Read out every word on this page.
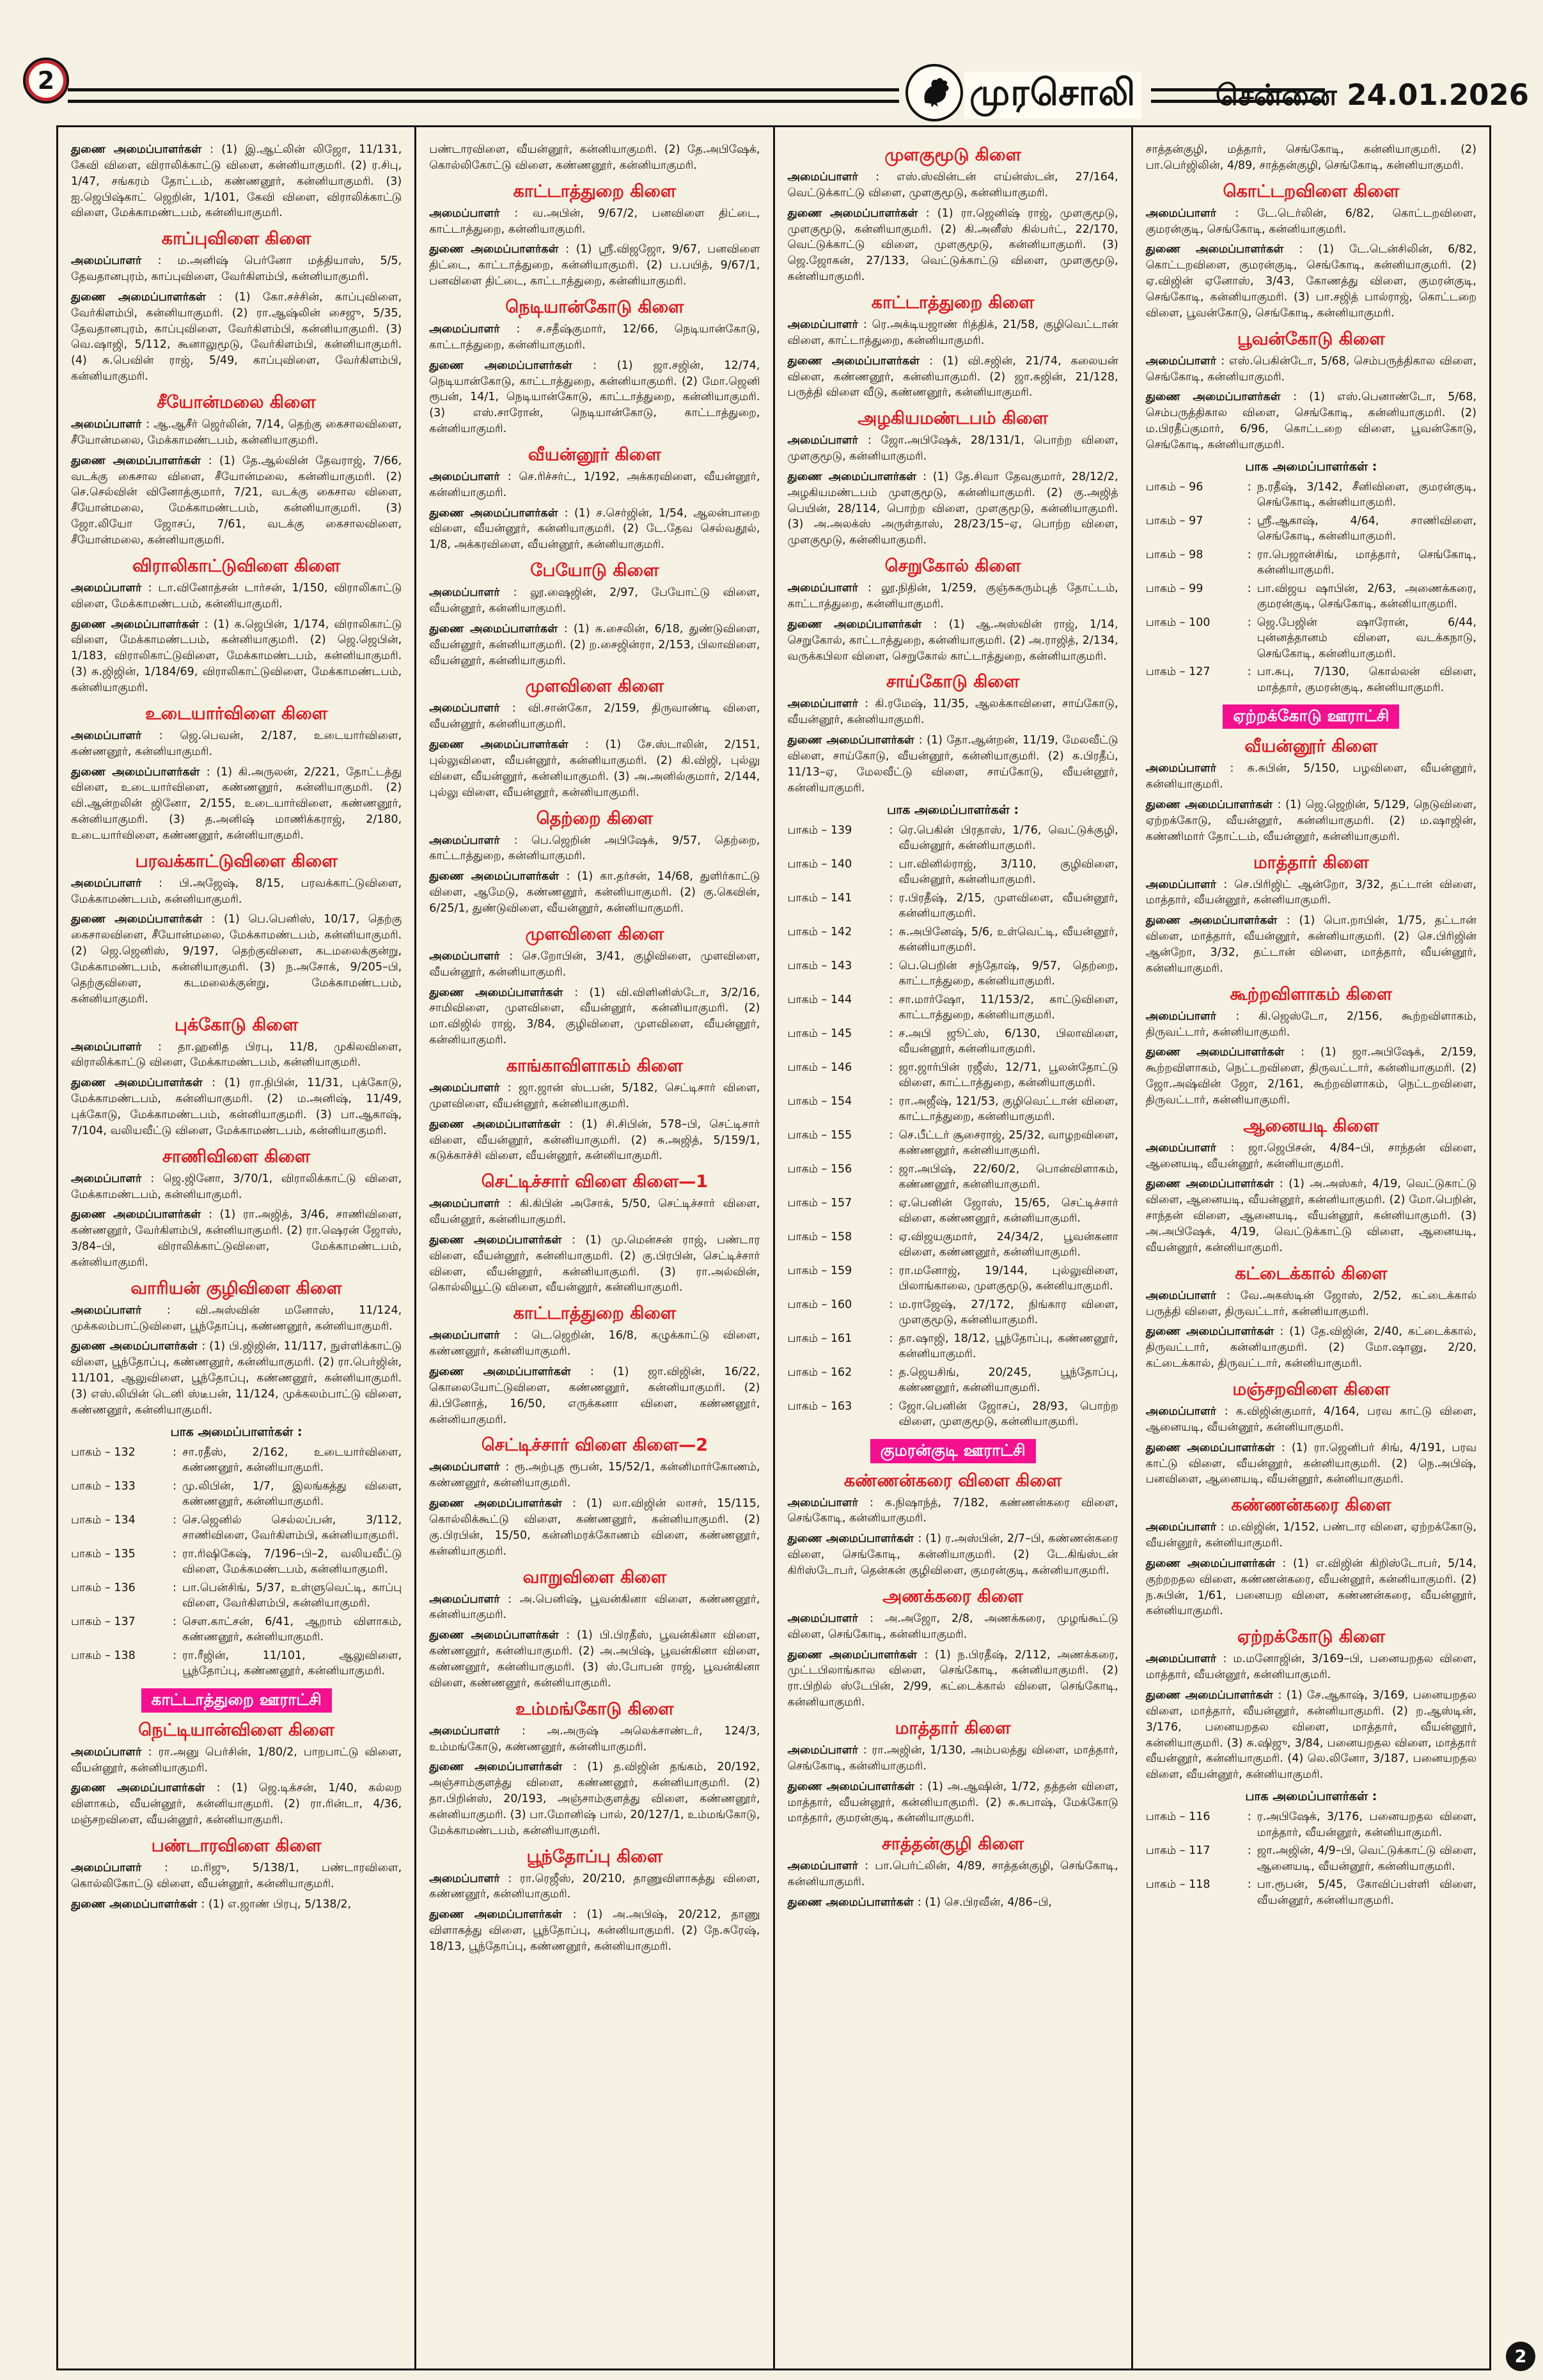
2	முரசொலி	சென்னை 24.01.2026

துணை அமைப்பாளர்கள் : (1) இ.ஆட்லின் லிஜோ, 11/131, கேவி விளை, விராலிக்காட்டு விளை, கன்னியாகுமரி. (2) ர.சிபு, 1/47, சங்கரம் தோட்டம், கண்ணனூர், கன்னியாகுமரி. (3) ஐ.ஜெபிஷ்காட் ஜெறின், 1/101, கேவி விளை, விராலிக்காட்டு விளை, மேக்காமண்டபம், கன்னியாகுமரி.

காப்புவிளை கிளை

அமைப்பாளர் : ம.அனிஷ் பெர்னோ மத்தியாஸ், 5/5, தேவதானபுரம், காப்புவிளை, வேர்கிளம்பி, கன்னியாகுமரி.

துணை அமைப்பாளர்கள் : (1) கோ.சச்சின், காப்புவிளை, வேர்கிளம்பி, கன்னியாகுமரி. (2) ரா.ஆஷ்லின் சைஜு, 5/35, தேவதானபுரம், காப்புவிளை, வேர்கிளம்பி, கன்னியாகுமரி. (3) வெ.ஷாஜி, 5/112, கூனாலுமூடு, வேர்கிளம்பி, கன்னியாகுமரி. (4) சு.பெவின் ராஜ், 5/49, காப்புவிளை, வேர்கிளம்பி, கன்னியாகுமரி.

சீயோன்மலை கிளை

அமைப்பாளர் : ஆ.ஆசீர் ஜெர்லின், 7/14, தெற்கு கைசாலவிளை, சீயோன்மலை, மேக்காமண்டபம், கன்னியாகுமரி.

துணை அமைப்பாளர்கள் : (1) தே.ஆல்வின் தேவராஜ், 7/66, வடக்கு கைசால விளை, சீயோன்மலை, கன்னியாகுமரி. (2) செ.செல்வின் வினோத்குமார், 7/21, வடக்கு கைசால விளை, சீயோன்மலை, மேக்காமண்டபம், கன்னியாகுமரி. (3) ஜோ.லியோ ஜோசப், 7/61, வடக்கு கைசாலவிளை, சீயோன்மலை, கன்னியாகுமரி.

விராலிகாட்டுவிளை கிளை

அமைப்பாளர் : டா.வினோத்சன் டார்சன், 1/150, விராலிகாட்டு விளை, மேக்காமண்டபம், கன்னியாகுமரி.

துணை அமைப்பாளர்கள் : (1) க.ஜெபின், 1/174, விராலிகாட்டு விளை, மேக்காமண்டபம், கன்னியாகுமரி. (2) ஜெ.ஜெபின், 1/183, விராலிகாட்டுவிளை, மேக்காமண்டபம், கன்னியாகுமரி. (3) சு.ஜிஜின், 1/184/69, விராலிகாட்டுவிளை, மேக்காமண்டபம், கன்னியாகுமரி.

உடையார்விளை கிளை

அமைப்பாளர் : ஜெ.பெவன், 2/187, உடையார்விளை, கண்ணனூர், கன்னியாகுமரி.

துணை அமைப்பாளர்கள் : (1) கி.அருலன், 2/221, தோட்டத்து விளை, உடையார்விளை, கண்ணனூர், கன்னியாகுமரி. (2) வி.ஆன்றலின் ஜினோ, 2/155, உடையார்விளை, கண்ணனூர், கன்னியாகுமரி. (3) த.அனிஷ் மாணிக்கராஜ், 2/180, உடையார்விளை, கண்ணனூர், கன்னியாகுமரி.

பரவக்காட்டுவிளை கிளை

அமைப்பாளர் : பி.அஜேஷ், 8/15, பரவக்காட்டுவிளை, மேக்காமண்டபம், கன்னியாகுமரி.

துணை அமைப்பாளர்கள் : (1) பெ.பெனிஸ், 10/17, தெற்கு கைசாலவிளை, சீயோன்மலை, மேக்காமண்டபம், கன்னியாகுமரி. (2) ஜெ.ஜெனிஸ், 9/197, தெற்குவிளை, கடமலைக்குன்று, மேக்காமண்டபம், கன்னியாகுமரி. (3) ந.அசோக், 9/205–பி, தெற்குவிளை, கடமலைக்குன்று, மேக்காமண்டபம், கன்னியாகுமரி.

புக்கோடு கிளை

அமைப்பாளர் : தா.ஹனித பிரபு, 11/8, முகிலவிளை, விராலிக்காட்டு விளை, மேக்காமண்டபம், கன்னியாகுமரி.

துணை அமைப்பாளர்கள் : (1) ரா.நிபின், 11/31, புக்கோடு, மேக்காமண்டபம், கன்னியாகுமரி. (2) ம.அனிஷ், 11/49, புக்கோடு, மேக்காமண்டபம், கன்னியாகுமரி. (3) பா.ஆகாஷ், 7/104, வலியவீட்டு விளை, மேக்காமண்டபம், கன்னியாகுமரி.

சாணிவிளை கிளை

அமைப்பாளர் : ஜெ.ஜினோ, 3/70/1, விராலிக்காட்டு விளை, மேக்காமண்டபம், கன்னியாகுமரி.

துணை அமைப்பாளர்கள் : (1) ரா.அஜித், 3/46, சாணிவிளை, கண்ணனூர், வேர்கிளம்பி, கன்னியாகுமரி. (2) ரா.ஷெரன் ஜோஸ், 3/84–பி, விராலிக்காட்டுவிளை, மேக்காமண்டபம், கன்னியாகுமரி.

வாரியன் குழிவிளை கிளை

அமைப்பாளர் : வி.அஸ்வின் மனோஸ், 11/124, முக்கலம்பாட்டுவிளை, பூந்தோப்பு, கண்ணனூர், கன்னியாகுமரி.

துணை அமைப்பாளர்கள் : (1) பி.ஜிஜின், 11/117, நுள்ளிக்காட்டு விளை, பூந்தோப்பு, கண்ணனூர், கன்னியாகுமரி. (2) ரா.பெர்ஜின், 11/101, ஆலுவிளை, பூந்தோப்பு, கண்ணனூர், கன்னியாகுமரி. (3) எஸ்.லியின் டெனி ஸ்டீபன், 11/124, முக்கலம்பாட்டு விளை, கண்ணனூர், கன்னியாகுமரி.

பாக அமைப்பாளர்கள் :
பாகம் – 132	: சா.ரதீஸ், 2/162, உடையார்விளை, கண்ணனூர், கன்னியாகுமரி.
பாகம் – 133	: மு.லிபின், 1/7, இலங்கத்து விளை, கண்ணனூர், கன்னியாகுமரி.
பாகம் – 134	: செ.ஜெனில் செல்லப்பன், 3/112, சாணிவிளை, வேர்கிளம்பி, கன்னியாகுமரி.
பாகம் – 135	: ரா.ரிஷிகேஷ், 7/196–பி–2, வலியவீட்டு விளை, மேக்கமண்டபம், கன்னியாகுமரி.
பாகம் – 136	: பா.பென்சிங், 5/37, உள்ளுவெட்டி, காப்பு விளை, வேர்கிளம்பி, கன்னியாகுமரி.
பாகம் – 137	: செள.காட்சன், 6/41, ஆறாம் விளாகம், கண்ணனூர், கன்னியாகுமரி.
பாகம் – 138	: ரா.ரீஜின், 11/101, ஆலுவிளை, பூந்தோப்பு, கண்ணனூர், கன்னியாகுமரி.
காட்டாத்துறை ஊராட்சி
நெட்டியான்விளை கிளை

அமைப்பாளர் : ரா.அனு பெர்சின், 1/80/2, பாறபாட்டு விளை, வீயன்னூர், கன்னியாகுமரி.

துணை அமைப்பாளர்கள் : (1) ஜெ.டிக்சன், 1/40, கல்லற விளாகம், வீயன்னூர், கன்னியாகுமரி. (2) ரா.ரின்டா, 4/36, மஞ்சறவிளை, வீயன்னூர், கன்னியாகுமரி.

பண்டாரவிளை கிளை

அமைப்பாளர் : ம.ரிஜு, 5/138/1, பண்டாரவிளை, கொல்லிகோட்டு விளை, வீயன்னூர், கன்னியாகுமரி.

துணை அமைப்பாளர்கள் : (1) எ.ஜாண் பிரபு, 5/138/2,

பண்டாரவிளை, வீயன்னூர், கன்னியாகுமரி. (2) தே.அபிஷேக், கொல்லிகோட்டு விளை, கண்ணனூர், கன்னியாகுமரி.

காட்டாத்துறை கிளை

அமைப்பாளர் : வ.அபின், 9/67/2, பனவிளை திட்டை, காட்டாத்துறை, கன்னியாகுமரி.

துணை அமைப்பாளர்கள் : (1) ஸ்ரீ.விஜஜோ, 9/67, பனவிளை திட்டை, காட்டாத்துறை, கன்னியாகுமரி. (2) ப.பயித், 9/67/1, பனவிளை திட்டை, காட்டாத்துறை, கன்னியாகுமரி.

நெடியான்கோடு கிளை

அமைப்பாளர் : ச.சதீஷ்குமார், 12/66, நெடியான்கோடு, காட்டாத்துறை, கன்னியாகுமரி.

துணை அமைப்பாளர்கள் : (1) ஜா.சஜின், 12/74, நெடியான்கோடு, காட்டாத்துறை, கன்னியாகுமரி. (2) மோ.ஜெனி ரூபன், 14/1, நெடியான்கோடு, காட்டாத்துறை, கன்னியாகுமரி. (3) எஸ்.சாரோன், நெடியான்கோடு, காட்டாத்துறை, கன்னியாகுமரி.

வீயன்னூர் கிளை

அமைப்பாளர் : செ.ரிச்சர்ட், 1/192, அக்கரவிளை, வீயன்னூர், கன்னியாகுமரி.

துணை அமைப்பாளர்கள் : (1) ச.செர்ஜின், 1/54, ஆலன்பாறை விளை, வீயன்னூர், கன்னியாகுமரி. (2) டே.தேவ செல்வதூல், 1/8, அக்கரவிளை, வீயன்னூர், கன்னியாகுமரி.

பேயோடு கிளை

அமைப்பாளர் : லூ.ஷைஜின், 2/97, பேயோட்டு விளை, வீயன்னூர், கன்னியாகுமரி.

துணை அமைப்பாளர்கள் : (1) சு.சைலின், 6/18, துண்டுவிளை, வீயன்னூர், கன்னியாகுமரி. (2) ற.சைஜின்ரா, 2/153, பிலாவிளை, வீயன்னூர், கன்னியாகுமரி.

முளவிளை கிளை

அமைப்பாளர் : வி.சான்கோ, 2/159, திருவாண்டி விளை, வீயன்னூர், கன்னியாகுமரி.

துணை அமைப்பாளர்கள் : (1) சே.ஸ்டாலின், 2/151, புல்லுவிளை, வீயன்னூர், கன்னியாகுமரி. (2) கி.விஜி, புல்லு விளை, வீயன்னூர், கன்னியாகுமரி. (3) அ.அனில்குமார், 2/144, புல்லு விளை, வீயன்னூர், கன்னியாகுமரி.

தெற்றை கிளை

அமைப்பாளர் : பெ.ஜெறின் அபிஷேக், 9/57, தெற்றை, காட்டாத்துறை, கன்னியாகுமரி.

துணை அமைப்பாளர்கள் : (1) கா.தர்சன், 14/68, துளிர்காட்டு விளை, ஆமேடு, கண்ணனூர், கன்னியாகுமரி. (2) கு.கெவின், 6/25/1, துண்டுவிளை, வீயன்னூர், கன்னியாகுமரி.

முளவிளை கிளை

அமைப்பாளர் : செ.றோபின், 3/41, குழிவிளை, முளவிளை, வீயன்னூர், கன்னியாகுமரி.

துணை அமைப்பாளர்கள் : (1) வி.விளினிஸ்டோ, 3/2/16, சாமிவிளை, முளவிளை, வீயன்னூர், கன்னியாகுமரி. (2) மா.விஜில் ராஜ், 3/84, குழிவிளை, முளவிளை, வீயன்னூர், கன்னியாகுமரி.

காங்காவிளாகம் கிளை

அமைப்பாளர் : ஜா.ஜான் ஸ்டபன், 5/182, செட்டிசார் விளை, முளவிளை, வீயன்னூர், கன்னியாகுமரி.

துணை அமைப்பாளர்கள் : (1) சி.சிபின், 578–பி, செட்டிசார் விளை, வீயன்னூர், கன்னியாகுமரி. (2) சு.அஜித், 5/159/1, கடுக்காச்சி விளை, வீயன்னூர், கன்னியாகுமரி.

செட்டிச்சார் விளை கிளை—1

அமைப்பாளர் : கி.கிபின் அசோக், 5/50, செட்டிச்சார் விளை, வீயன்னூர், கன்னியாகுமரி.

துணை அமைப்பாளர்கள் : (1) மு.மென்சன் ராஜ், பண்டார விளை, வீயன்னூர், கன்னியாகுமரி. (2) கு.பிரபின், செட்டிச்சார் விளை, வீயன்னூர், கன்னியாகுமரி. (3) ரா.அல்வின், கொல்லியூட்டு விளை, வீயன்னூர், கன்னியாகுமரி.

காட்டாத்துறை கிளை

அமைப்பாளர் : டெ.ஜெறின், 16/8, கழுக்காட்டு விளை, கண்ணனூர், கன்னியாகுமரி.

துணை அமைப்பாளர்கள் : (1) ஜா.விஜின், 16/22, கொலையோட்டுவிளை, கண்ணனூர், கன்னியாகுமரி. (2) கி.பினோத், 16/50, எருக்கனா விளை, கண்ணனூர், கன்னியாகுமரி.

செட்டிச்சார் விளை கிளை—2

அமைப்பாளர் : ரூ.அற்புத ரூபன், 15/52/1, கன்னிமார்கோணம், கண்ணனூர், கன்னியாகுமரி.

துணை அமைப்பாளர்கள் : (1) லா.விஜின் லாசர், 15/115, கொல்லிக்கூட்டு விளை, கண்ணனூர், கன்னியாகுமரி. (2) கு.பிரபின், 15/50, கன்னிமரக்கோணம் விளை, கண்ணனூர், கன்னியாகுமரி.

வாறுவிளை கிளை

அமைப்பாளர் : அ.பெனிஷ், பூவன்கினா விளை, கண்ணனூர், கன்னியாகுமரி.

துணை அமைப்பாளர்கள் : (1) பி.பிரதீஸ், பூவன்கினா விளை, கண்ணனூர், கன்னியாகுமரி. (2) அ.அபிஷ், பூவன்கினா விளை, கண்ணனூர், கன்னியாகுமரி. (3) ஸ்.போபன் ராஜ், பூவன்கினா விளை, கண்ணனூர், கன்னியாகுமரி.

உம்மங்கோடு கிளை

அமைப்பாளர் : அ.அருஷ் அலெக்சாண்டர், 124/3, உம்மங்கோடு, கண்ணனூர், கன்னியாகுமரி.

துணை அமைப்பாளர்கள் : (1) த.விஜின் தங்கம், 20/192, அஞ்சாம்குளத்து விளை, கண்ணனூர், கன்னியாகுமரி. (2) தா.பிறின்ஸ், 20/193, அஞ்சாம்குளத்து விளை, கண்ணனூர், கன்னியாகுமரி. (3) பா.மோனிஷ் பால், 20/127/1, உம்மங்கோடு, மேக்காமண்டபம், கன்னியாகுமரி.

பூந்தோப்பு கிளை

அமைப்பாளர் : ரா.ரெஜீஸ், 20/210, தாணுவிளாகத்து விளை, கண்ணனூர், கன்னியாகுமரி.

துணை அமைப்பாளர்கள் : (1) அ.அபிஷ், 20/212, தாணு விளாகத்து விளை, பூந்தோப்பு, கன்னியாகுமரி. (2) நே.சுரேஷ், 18/13, பூந்தோப்பு, கண்ணனூர், கன்னியாகுமரி.

முளகுமூடு கிளை

அமைப்பாளர் : எஸ்.ஸ்வின்டன் எய்ன்ஸ்டன், 27/164, வெட்டுக்காட்டு விளை, முளகுமூடு, கன்னியாகுமரி.

துணை அமைப்பாளர்கள் : (1) ரா.ஜெனிஷ் ராஜ், முளகுமூடு, முளகுமூடு, கன்னியாகுமரி. (2) கி.அனீஸ் கில்பர்ட், 22/170, வெட்டுக்காட்டு விளை, முளகுமூடு, கன்னியாகுமரி. (3) ஜெ.ஜோகன், 27/133, வெட்டுக்காட்டு விளை, முளகுமூடு, கன்னியாகுமரி.

காட்டாத்துறை கிளை

அமைப்பாளர் : ரெ.அக்டியஜாண் ரித்திக், 21/58, குழிவெட்டான் விளை, காட்டாத்துறை, கன்னியாகுமரி.

துணை அமைப்பாளர்கள் : (1) வி.சஜின், 21/74, கலையன் விளை, கண்ணனூர், கன்னியாகுமரி. (2) ஜா.சுஜின், 21/128, பருத்தி விளை வீடு, கண்ணனூர், கன்னியாகுமரி.

அழகியமண்டபம் கிளை

அமைப்பாளர் : ஜோ.அபிஷேக், 28/131/1, பொற்ற விளை, முளகுமூடு, கன்னியாகுமரி.

துணை அமைப்பாளர்கள் : (1) தே.சிவா தேவகுமார், 28/12/2, அழகியமண்டபம் முளகுமூடு, கன்னியாகுமரி. (2) கு.அஜித் பெயின், 28/114, பொற்ற விளை, முளகுமூடு, கன்னியாகுமரி. (3) அ.அலக்ஸ் அருள்தாஸ், 28/23/15–ஏ, பொற்ற விளை, முளகுமூடு, கன்னியாகுமரி.

செறுகோல் கிளை

அமைப்பாளர் : லூ.நிதின், 1/259, குஞ்சுகரும்புத் தோட்டம், காட்டாத்துறை, கன்னியாகுமரி.

துணை அமைப்பாளர்கள் : (1) ஆ.அஸ்வின் ராஜ், 1/14, செறுகோல், காட்டாத்துறை, கன்னியாகுமரி. (2) அ.ராஜித், 2/134, வருக்கபிலா விளை, செறுகோல் காட்டாத்துறை, கன்னியாகுமரி.

சாய்கோடு கிளை

அமைப்பாளர் : கி.ரமேஷ், 11/35, ஆலக்காவிளை, சாய்கோடு, வீயன்னூர், கன்னியாகுமரி.

துணை அமைப்பாளர்கள் : (1) தோ.ஆன்றன், 11/19, மேலவீட்டு விளை, சாய்கோடு, வீயன்னூர், கன்னியாகுமரி. (2) க.பிரதீப், 11/13–ஏ, மேலவீட்டு விளை, சாய்கோடு, வீயன்னூர், கன்னியாகுமரி.

பாக அமைப்பாளர்கள் :
பாகம் – 139	: ரெ.பெகின் பிரதாஸ், 1/76, வெட்டுக்குழி, வீயன்னூர், கன்னியாகுமரி.
பாகம் – 140	: பா.வினில்ராஜ், 3/110, குழிவிளை, வீயன்னூர், கன்னியாகுமரி.
பாகம் – 141	: ர.பிரதீஷ், 2/15, முளவிளை, வீயன்னூர், கன்னியாகுமரி.
பாகம் – 142	: சு.அபினேஷ், 5/6, உள்வெட்டி, வீயன்னூர், கன்னியாகுமரி.
பாகம் – 143	: பெ.பெறின் சந்தோஷ், 9/57, தெற்றை, காட்டாத்துறை, கன்னியாகுமரி.
பாகம் – 144	: சா.மார்ஷோ, 11/153/2, காட்டுவிளை, காட்டாத்துறை, கன்னியாகுமரி.
பாகம் – 145	: ச.அபி ஜூட்ஸ், 6/130, பிலாவிளை, வீயன்னூர், கன்னியாகுமரி.
பாகம் – 146	: ஜா.ஜார்பின் ரஜீஸ், 12/71, பூலன்தோட்டு விளை, காட்டாத்துறை, கன்னியாகுமரி.
பாகம் – 154	: ரா.அஜீஷ், 121/53, குழிவெட்டான் விளை, காட்டாத்துறை, கன்னியாகுமரி.
பாகம் – 155	: செ.பீட்டர் சூசைராஜ், 25/32, வாழறவிளை, கண்ணனூர், கன்னியாகுமரி.
பாகம் – 156	: ஜா.அபிஷ், 22/60/2, பொன்விளாகம், கண்ணனூர், கன்னியாகுமரி.
பாகம் – 157	: ஏ.பெனின் ஜோஸ், 15/65, செட்டிச்சார் விளை, கண்ணனூர், கன்னியாகுமரி.
பாகம் – 158	: ஏ.விஜயகுமார், 24/34/2, பூவன்கனா விளை, கண்ணனூர், கன்னியாகுமரி.
பாகம் – 159	: ரா.மனோஜ், 19/144, புல்லுவிளை, பிலாங்காலை, முளகுமூடு, கன்னியாகுமரி.
பாகம் – 160	: ம.ராஜேஷ், 27/172, நிங்கார விளை, முளகுமூடு, கன்னியாகுமரி.
பாகம் – 161	: தா.ஷாஜி, 18/12, பூந்தோப்பு, கண்ணனூர், கன்னியாகுமரி.
பாகம் – 162	: த.ஜெயசிங், 20/245, பூந்தோப்பு, கண்ணனூர், கன்னியாகுமரி.
பாகம் – 163	: ஜோ.பெனின் ஜோசப், 28/93, பொற்ற விளை, முளகுமூடு, கன்னியாகுமரி.
குமரன்குடி ஊராட்சி
கண்ணன்கரை விளை கிளை

அமைப்பாளர் : க.நிஷாந்த், 7/182, கண்ணன்கரை விளை, செங்கோடி, கன்னியாகுமரி.

துணை அமைப்பாளர்கள் : (1) ர.அஸ்பின், 2/7–பி, கண்ணன்கரை விளை, செங்கோடி, கன்னியாகுமரி. (2) டே.கிங்ஸ்டன் கிரிஸ்டோபர், தென்கன் குழிவிளை, குமரன்குடி, கன்னியாகுமரி.

அணக்கரை கிளை

அமைப்பாளர் : அ.அஜோ, 2/8, அணக்கரை, முழங்கூட்டு விளை, செங்கோடி, கன்னியாகுமரி.

துணை அமைப்பாளர்கள் : (1) ந.பிரதீஷ், 2/112, அணக்கரை, முட்டபிலாங்கால விளை, செங்கோடி, கன்னியாகுமரி. (2) ரா.பிறில் ஸ்டேபின், 2/99, கட்டைக்கால் விளை, செங்கோடி, கன்னியாகுமரி.

மாத்தார் கிளை

அமைப்பாளர் : ரா.அஜின், 1/130, அம்பலத்து விளை, மாத்தார், செங்கோடி, கன்னியாகுமரி.

துணை அமைப்பாளர்கள் : (1) அ.ஆஷின், 1/72, தத்தன் விளை, மாத்தார், வீயன்னூர், கன்னியாகுமரி. (2) சு.சுபாஷ், மேக்கோடு மாத்தார், குமரன்குடி, கன்னியாகுமரி.

சாத்தன்குழி கிளை

அமைப்பாளர் : பா.பெர்ட்லின், 4/89, சாத்தன்குழி, செங்கோடி, கன்னியாகுமரி.

துணை அமைப்பாளர்கள் : (1) செ.பிரவீன், 4/86–பி,

சாத்தன்குழி, மத்தார், செங்கோடி, கன்னியாகுமரி. (2) பா.பெர்ஜிலின், 4/89, சாத்தன்குழி, செங்கோடி, கன்னியாகுமரி.

கொட்டறவிளை கிளை

அமைப்பாளர் : டே.டெர்லின், 6/82, கொட்டறவிளை, குமரன்குடி, செங்கோடி, கன்னியாகுமரி.

துணை அமைப்பாளர்கள் : (1) டே.டென்சிலின், 6/82, கொட்டறவிளை, குமரன்குடி, செங்கோடி, கன்னியாகுமரி. (2) ஏ.விஜின் ஏனோஸ், 3/43, கோணத்து விளை, குமரன்குடி, செங்கோடி, கன்னியாகுமரி. (3) பா.சஜித் பால்ராஜ், கொட்டறை விளை, பூவன்கோடு, செங்கோடி, கன்னியாகுமரி.

பூவன்கோடு கிளை

அமைப்பாளர் : எஸ்.பெகின்டோ, 5/68, செம்பருத்திகால விளை, செங்கோடி, கன்னியாகுமரி.

துணை அமைப்பாளர்கள் : (1) எஸ்.பெனாண்டோ, 5/68, செம்பருத்திகால விளை, செங்கோடி, கன்னியாகுமரி. (2) ம.பிரதீப்குமார், 6/96, கொட்டறை விளை, பூவன்கோடு, செங்கோடி, கன்னியாகுமரி.

பாக அமைப்பாளர்கள் :
பாகம் – 96	: ந.ரதீஷ், 3/142, சீனிவிளை, குமரன்குடி, செங்கோடி, கன்னியாகுமரி.
பாகம் – 97	: ஸ்ரீ.ஆகாஷ், 4/64, சாணிவிளை, செங்கோடி, கன்னியாகுமரி.
பாகம் – 98	: ரா.பெஜான்சிங், மாத்தார், செங்கோடி, கன்னியாகுமரி.
பாகம் – 99	: பா.விஜய ஷாபின், 2/63, அணைக்கரை, குமரன்குடி, செங்கோடி, கன்னியாகுமரி.
பாகம் – 100	: ஜெ.பேஜின் ஷாரோன், 6/44, புன்னத்தானம் விளை, வடக்கநாடு, செங்கோடி, கன்னியாகுமரி.
பாகம் – 127	: பா.சுபு, 7/130, கொல்லன் விளை, மாத்தார், குமரன்குடி, கன்னியாகுமரி.
ஏற்றக்கோடு ஊராட்சி
வீயன்னூர் கிளை

அமைப்பாளர் : சு.சுபின், 5/150, பழவிளை, வீயன்னூர், கன்னியாகுமரி.

துணை அமைப்பாளர்கள் : (1) ஜெ.ஜெறின், 5/129, நெடுவிளை, ஏற்றக்கோடு, வீயன்னூர், கன்னியாகுமரி. (2) ம.ஷாஜின், கண்ணிமார் தோட்டம், வீயன்னூர், கன்னியாகுமரி.

மாத்தார் கிளை

அமைப்பாளர் : செ.பிரிஜிட் ஆன்றோ, 3/32, தட்டான் விளை, மாத்தார், வீயன்னூர், கன்னியாகுமரி.

துணை அமைப்பாளர்கள் : (1) பொ.றாபின், 1/75, தட்டான் விளை, மாத்தார், வீயன்னூர், கன்னியாகுமரி. (2) செ.பிரிஜின் ஆன்றோ, 3/32, தட்டான் விளை, மாத்தார், வீயன்னூர், கன்னியாகுமரி.

கூற்றவிளாகம் கிளை

அமைப்பாளர் : கி.ஜெஸ்டோ, 2/156, கூற்றவிளாகம், திருவட்டார், கன்னியாகுமரி.

துணை அமைப்பாளர்கள் : (1) ஜா.அபிஷேக், 2/159, கூற்றவிளாகம், நெட்டறவிளை, திருவட்டார், கன்னியாகுமரி. (2) ஜோ.அஷ்வின் ஜோ, 2/161, கூற்றவிளாகம், நெட்டறவிளை, திருவட்டார், கன்னியாகுமரி.

ஆனையடி கிளை

அமைப்பாளர் : ஜா.ஜெபிசன், 4/84–பி, சாந்தன் விளை, ஆனையடி, வீயன்னூர், கன்னியாகுமரி.

துணை அமைப்பாளர்கள் : (1) அ.அஸ்கர், 4/19, வெட்டுகாட்டு விளை, ஆனையடி, வீயன்னூர், கன்னியாகுமரி. (2) மோ.பெறின், சாந்தன் விளை, ஆனையடி, வீயன்னூர், கன்னியாகுமரி. (3) அ.அபிஷேக், 4/19, வெட்டுக்காட்டு விளை, ஆனையடி, வீயன்னூர், கன்னியாகுமரி.

கட்டைக்கால் கிளை

அமைப்பாளர் : வே.அகஸ்டின் ஜோஸ், 2/52, கட்டைக்கால் பருத்தி விளை, திருவட்டார், கன்னியாகுமரி.

துணை அமைப்பாளர்கள் : (1) தே.விஜின், 2/40, கட்டைக்கால், திருவட்டார், கன்னியாகுமரி. (2) மோ.ஷானு, 2/20, கட்டைக்கால், திருவட்டார், கன்னியாகுமரி.

மஞ்சறவிளை கிளை

அமைப்பாளர் : க.விஜின்குமார், 4/164, பரவ காட்டு விளை, ஆனையடி, வீயன்னூர், கன்னியாகுமரி.

துணை அமைப்பாளர்கள் : (1) ரா.ஜெனிபர் சிங், 4/191, பரவ காட்டு விளை, வீயன்னூர், கன்னியாகுமரி. (2) நெ.அபிஷ், பனவிளை, ஆனையடி, வீயன்னூர், கன்னியாகுமரி.

கண்ணன்கரை கிளை

அமைப்பாளர் : ம.விஜின், 1/152, பண்டார விளை, ஏற்றக்கோடு, வீயன்னூர், கன்னியாகுமரி.

துணை அமைப்பாளர்கள் : (1) எ.விஜின் கிறிஸ்டோபர், 5/14, குற்றறதல விளை, கண்ணன்கரை, வீயன்னூர், கன்னியாகுமரி. (2) ந.சுபின், 1/61, பனையற விளை, கண்ணன்கரை, வீயன்னூர், கன்னியாகுமரி.

ஏற்றக்கோடு கிளை

அமைப்பாளர் : ம.மனோஜின், 3/169–பி, பனையறதல விளை, மாத்தார், வீயன்னூர், கன்னியாகுமரி.

துணை அமைப்பாளர்கள் : (1) சே.ஆகாஷ், 3/169, பனையறதல விளை, மாத்தார், வீயன்னூர், கன்னியாகுமரி. (2) ற.ஆஸ்டின், 3/176, பனையறதல விளை, மாத்தார், வீயன்னூர், கன்னியாகுமரி. (3) சு.ஷிஜு, 3/84, பனையறதல விளை, மாத்தார் வீயன்னூர், கன்னியாகுமரி. (4) லெ.லினோ, 3/187, பனையறதல விளை, வீயன்னூர், கன்னியாகுமரி.

பாக அமைப்பாளர்கள் :
பாகம் – 116	: ர.அபிஷேக், 3/176, பனையறதல விளை, மாத்தார், வீயன்னூர், கன்னியாகுமரி.
பாகம் – 117	: ஜா.அஜின், 4/9–பி, வெட்டுக்காட்டு விளை, ஆனையடி, வீயன்னூர், கன்னியாகுமரி.
பாகம் – 118	: பா.ரூபன், 5/45, கோவிப்பள்ளி விளை, வீயன்னூர், கன்னியாகுமரி.
2
